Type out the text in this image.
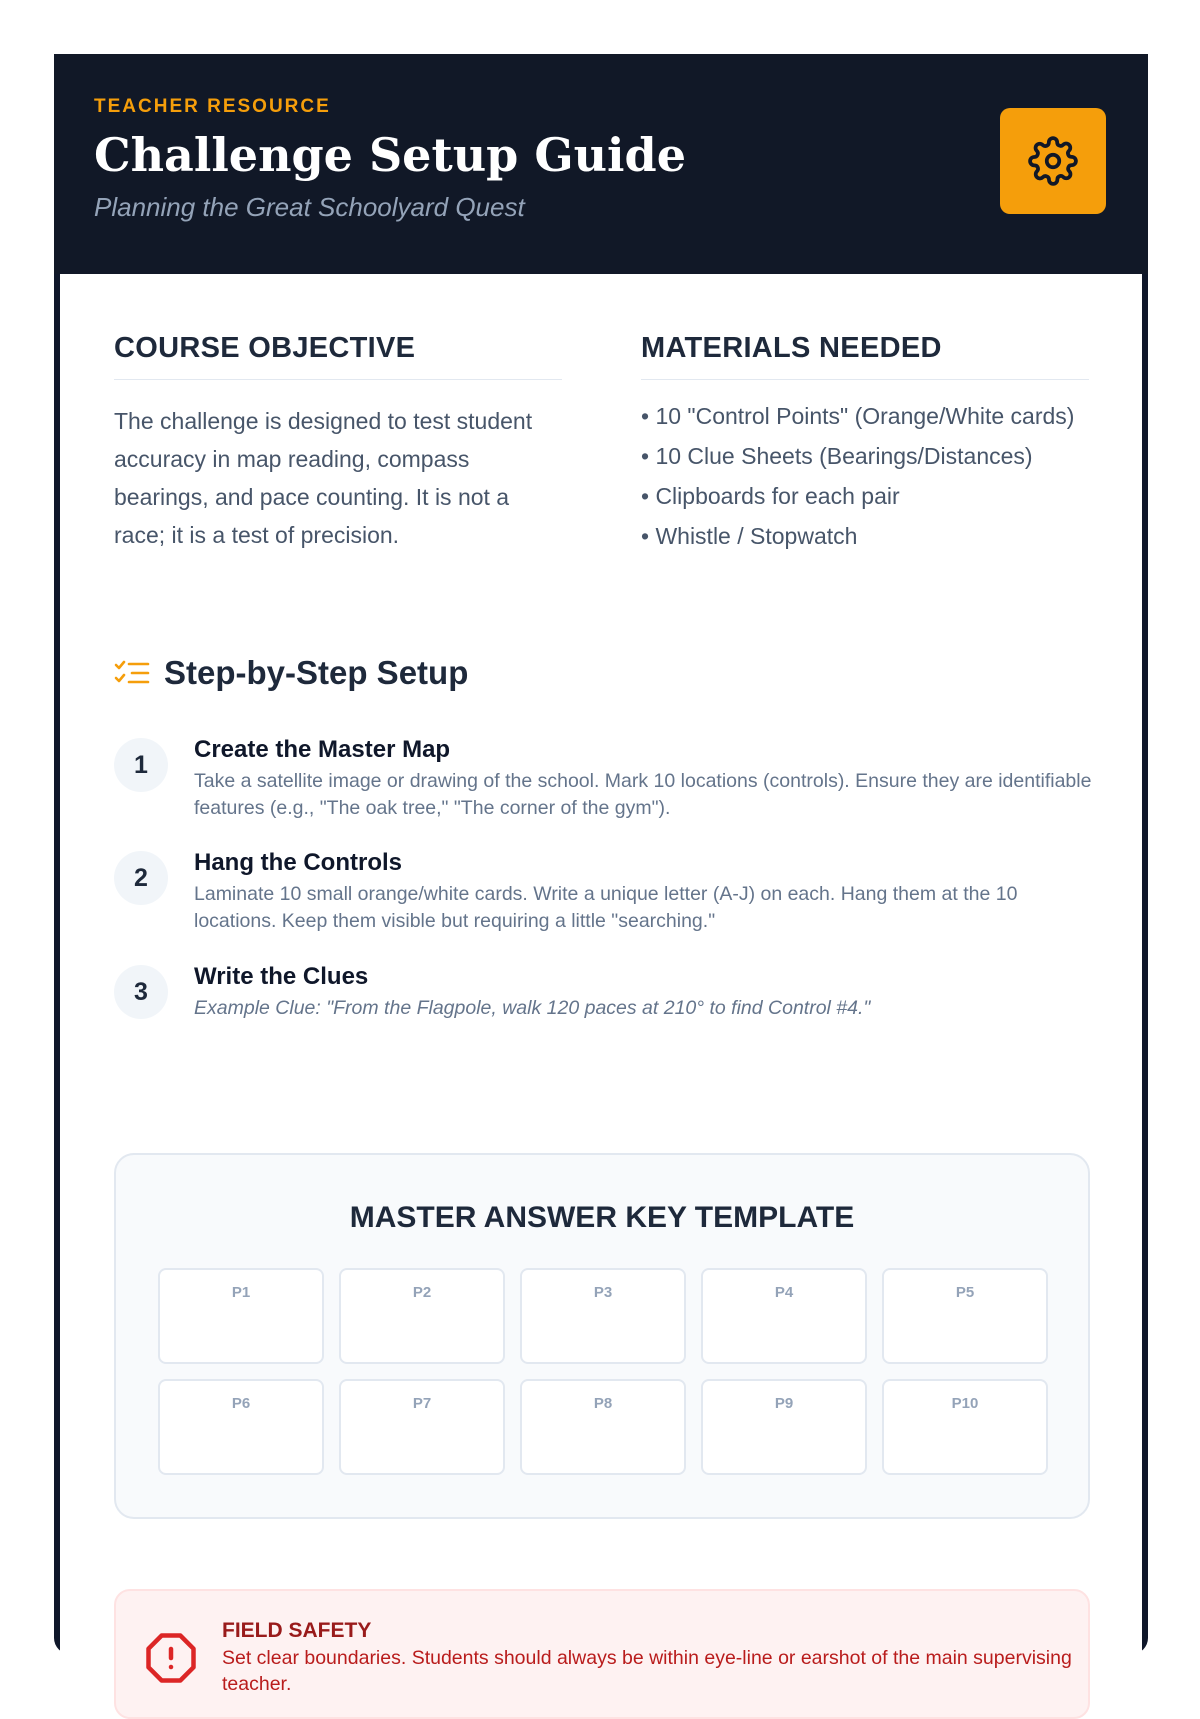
TEACHER RESOURCE
Challenge Setup Guide
Planning the Great Schoolyard Quest
COURSE OBJECTIVE

The challenge is designed to test student accuracy in map reading, compass bearings, and pace counting. It is not a race; it is a test of precision.

MATERIALS NEEDED
• 10 "Control Points" (Orange/White cards)
• 10 Clue Sheets (Bearings/Distances)
• Clipboards for each pair
• Whistle / Stopwatch
Step-by-Step Setup
1
Create the Master Map
Take a satellite image or drawing of the school. Mark 10 locations (controls). Ensure they are identifiable features (e.g., "The oak tree," "The corner of the gym").
2
Hang the Controls
Laminate 10 small orange/white cards. Write a unique letter (A-J) on each. Hang them at the 10 locations. Keep them visible but requiring a little "searching."
3
Write the Clues
Example Clue: "From the Flagpole, walk 120 paces at 210° to find Control #4."
MASTER ANSWER KEY TEMPLATE
P1	P2	P3	P4	P5
P6	P7	P8	P9	P10
FIELD SAFETY
Set clear boundaries. Students should always be within eye-line or earshot of the main supervising teacher.
